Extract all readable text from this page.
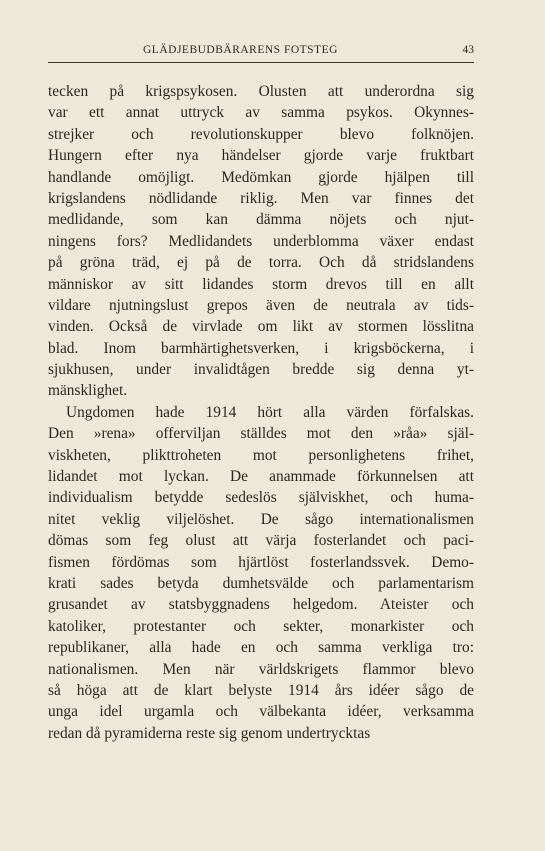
GLÄDJEBUDBÄRARENS FOTSTEG	43
tecken på krigspsykosen. Olusten att underordna sig
var ett annat uttryck av samma psykos. Okynnes-
strejker och revolutionskupper blevo folknöjen.
Hungern efter nya händelser gjorde varje fruktbart
handlande omöjligt. Medömkan gjorde hjälpen till
krigslandens nödlidande riklig. Men var finnes det
medlidande, som kan dämma nöjets och njut-
ningens fors? Medlidandets underblomma växer endast
på gröna träd, ej på de torra. Och då stridslandens
människor av sitt lidandes storm drevos till en allt
vildare njutningslust grepos även de neutrala av tids-
vinden. Också de virvlade om likt av stormen lösslitna
blad. Inom barmhärtighetsverken, i krigsböckerna, i
sjukhusen, under invalidtågen bredde sig denna yt-
mänsklighet.
Ungdomen hade 1914 hört alla värden förfalskas.
Den »rena» offerviljan ställdes mot den »råa» själ-
viskheten, plikttroheten mot personlighetens frihet,
lidandet mot lyckan. De anammade förkunnelsen att
individualism betydde sedeslös själviskhet, och huma-
nitet veklig viljelöshet. De sågo internationalismen
dömas som feg olust att värja fosterlandet och paci-
fismen fördömas som hjärtlöst fosterlandssvek. Demo-
krati sades betyda dumhetsvälde och parlamentarism
grusandet av statsbyggnadens helgedom. Ateister och
katoliker, protestanter och sekter, monarkister och
republikaner, alla hade en och samma verkliga tro:
nationalismen. Men när världskrigets flammor blevo
så höga att de klart belyste 1914 års idéer sågo de
unga idel urgamla och välbekanta idéer, verksamma
redan då pyramiderna reste sig genom undertrycktas
